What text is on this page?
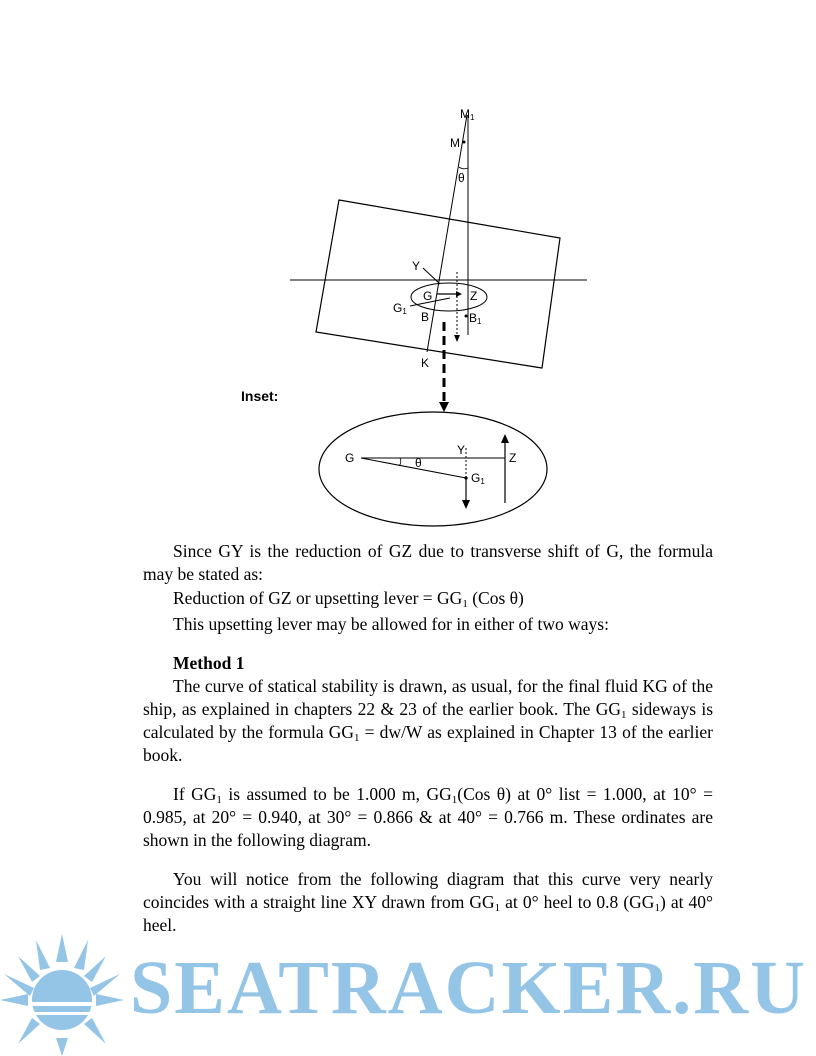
M1
M
θ
Y
G	Z
G1 B	B1
K
Inset:
G	θ
Y
Z
G1

Since GY is the reduction of GZ due to transverse shift of G, the formula may be stated as:

Reduction of GZ or upsetting lever = $GG_1$ (Cos θ)

This upsetting lever may be allowed for in either of two ways:

Method 1

The curve of statical stability is drawn, as usual, for the final fluid KG of the ship, as explained in chapters 22 & 23 of the earlier book. The $GG_1$ sideways is calculated by the formula $GG_1 = dw/W$ as explained in Chapter 13 of the earlier book.

If $GG_1$ is assumed to be 1.000 m, $GG_1(Cos$ θ) at 0° list = 1.000, at 10° = 0.985, at 20° = 0.940, at 30° = 0.866 & at 40° = 0.766 m. These ordinates are shown in the following diagram.

You will notice from the following diagram that this curve very nearly coincides with a straight line XY drawn from $GG_1$ at 0° heel to 0.8 $(GG_1)$ at 40° heel.

SEATRACKER.RU
